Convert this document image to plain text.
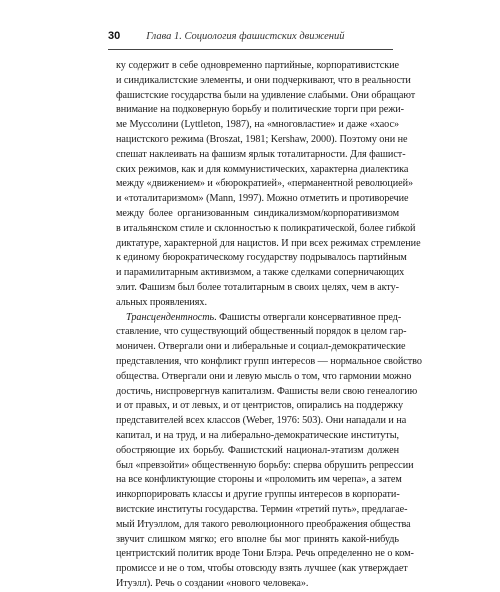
30 Глава 1. Социология фашистских движений
ку содержит в себе одновременно партийные, корпоративистские
и синдикалистские элементы, и они подчеркивают, что в реальности
фашистские государства были на удивление слабыми. Они обращают
внимание на подковерную борьбу и политические торги при режи-
ме Муссолини (Lyttleton, 1987), на «многовластие» и даже «хаос»
нацистского режима (Broszat, 1981; Kershaw, 2000). Поэтому они не
спешат наклеивать на фашизм ярлык тоталитарности. Для фашист-
ских режимов, как и для коммунистических, характерна диалектика
между «движением» и «бюрократией», «перманентной революцией»
и «тоталитаризмом» (Mann, 1997). Можно отметить и противоречие
между более организованным синдикализмом/корпоративизмом
в итальянском стиле и склонностью к поликратической, более гибкой
диктатуре, характерной для нацистов. И при всех режимах стремление
к единому бюрократическому государству подрывалось партийным
и парамилитарным активизмом, а также сделками соперничающих
элит. Фашизм был более тоталитарным в своих целях, чем в акту-
альных проявлениях.
Трансцендентность. Фашисты отвергали консервативное пред-
ставление, что существующий общественный порядок в целом гар-
моничен. Отвергали они и либеральные и социал-демократические
представления, что конфликт групп интересов — нормальное свойство
общества. Отвергали они и левую мысль о том, что гармонии можно
достичь, ниспровергнув капитализм. Фашисты вели свою генеалогию
и от правых, и от левых, и от центристов, опирались на поддержку
представителей всех классов (Weber, 1976: 503). Они нападали и на
капитал, и на труд, и на либерально-демократические институты,
обостряющие их борьбу. Фашистский национал-этатизм должен
был «превзойти» общественную борьбу: сперва обрушить репрессии
на все конфликтующие стороны и «проломить им черепа», а затем
инкорпорировать классы и другие группы интересов в корпорати-
вистские институты государства. Термин «третий путь», предлагае-
мый Итуэллом, для такого революционного преображения общества
звучит слишком мягко; его вполне бы мог принять какой-нибудь
центристский политик вроде Тони Блэра. Речь определенно не о ком-
промиссе и не о том, чтобы отовсюду взять лучшее (как утверждает
Итуэлл). Речь о создании «нового человека».
